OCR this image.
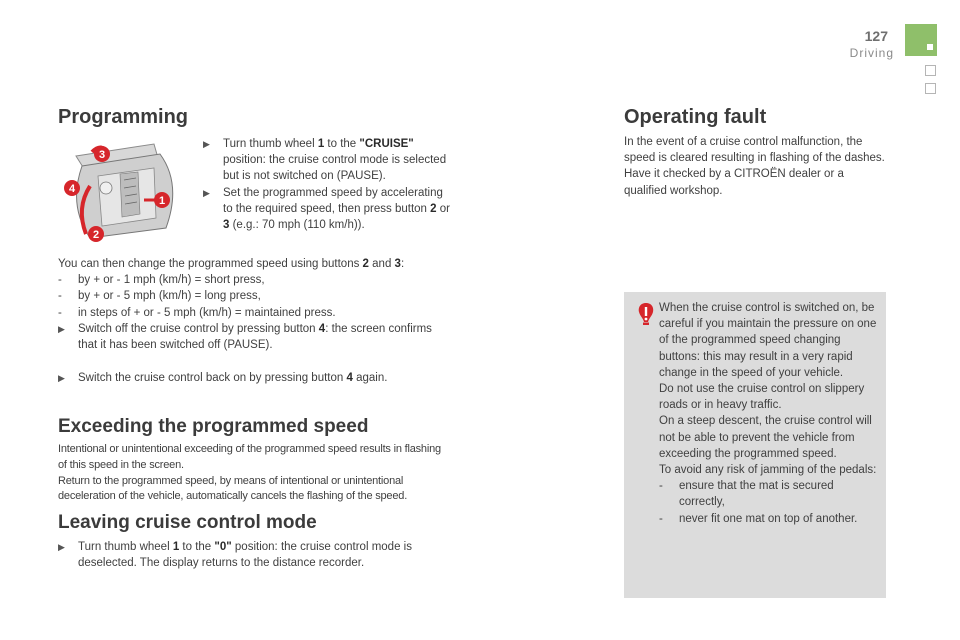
127
Driving
Programming
3
4
1
2
▶ Turn thumb wheel 1 to the "CRUISE" position: the cruise control mode is selected but is not switched on (PAUSE).
▶ Set the programmed speed by accelerating to the required speed, then press button 2 or 3 (e.g.: 70 mph (110 km/h)).
You can then change the programmed speed using buttons 2 and 3:
- by + or - 1 mph (km/h) = short press,
- by + or - 5 mph (km/h) = long press,
- in steps of + or - 5 mph (km/h) = maintained press.
▶ Switch off the cruise control by pressing button 4: the screen confirms that it has been switched off (PAUSE).
▶ Switch the cruise control back on by pressing button 4 again.
Exceeding the programmed speed
Intentional or unintentional exceeding of the programmed speed results in flashing of this speed in the screen.
Return to the programmed speed, by means of intentional or unintentional deceleration of the vehicle, automatically cancels the flashing of the speed.
Leaving cruise control mode
▶ Turn thumb wheel 1 to the "0" position: the cruise control mode is deselected. The display returns to the distance recorder.
Operating fault
In the event of a cruise control malfunction, the speed is cleared resulting in flashing of the dashes. Have it checked by a CITROËN dealer or a qualified workshop.
When the cruise control is switched on, be careful if you maintain the pressure on one of the programmed speed changing buttons: this may result in a very rapid change in the speed of your vehicle.
Do not use the cruise control on slippery roads or in heavy traffic.
On a steep descent, the cruise control will not be able to prevent the vehicle from exceeding the programmed speed.
To avoid any risk of jamming of the pedals:
- ensure that the mat is secured correctly,
- never fit one mat on top of another.
